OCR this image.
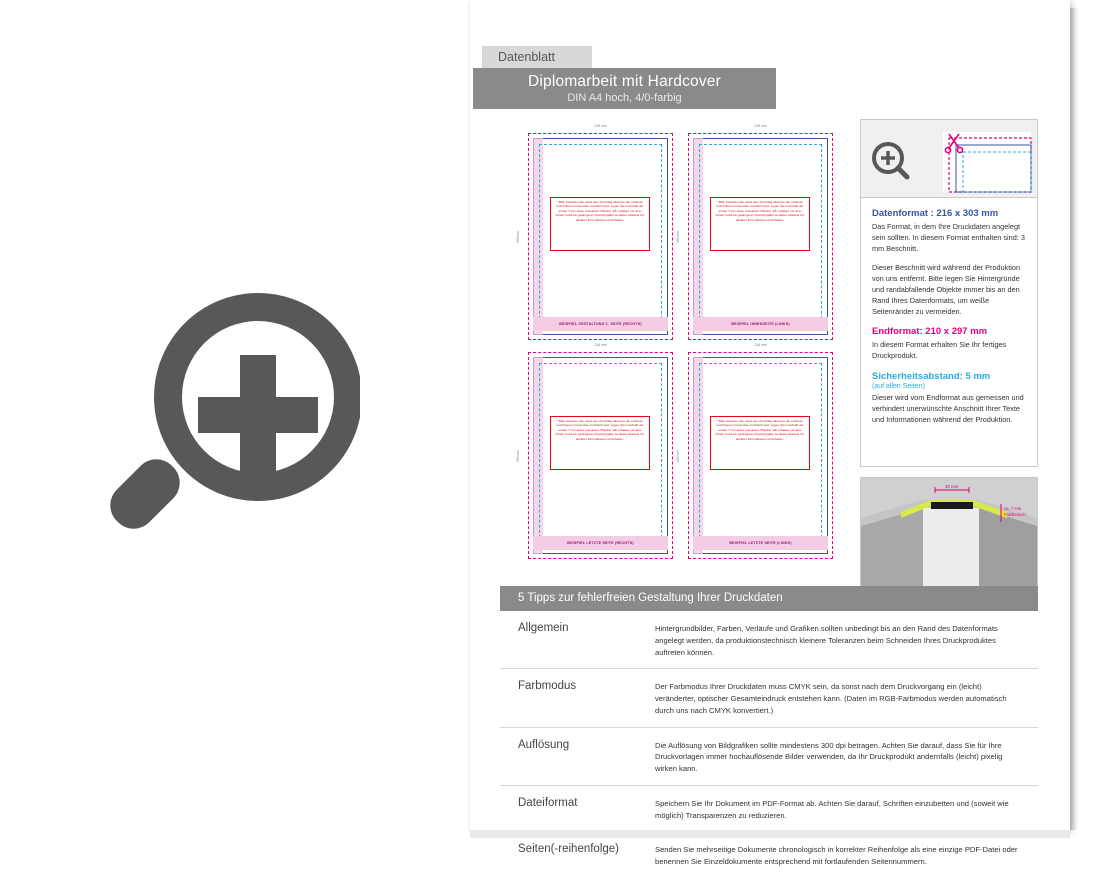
Datenblatt
Diplomarbeit mit Hardcover
DIN A4 hoch, 4/0-farbig
216 mm
303 mm

* Bitte beachten Sie, dass der Umschlag direkt an der vorderen und hinteren Innenseite mehrfach sind. Legen Sie innerhalb der ersten 7 mm keine relevanten Objekte. Wir erhalten vor dem Druck. Fehlt ein gefangener Druckvorgabe ist dieser Abstand zur direkten Informationen einzuhalten.

BEISPIEL GESTALTUNG 1. SEITE (RECHTS)
216 mm
303 mm

* Bitte beachten Sie, dass der Umschlag direkt an der vorderen und hinteren Innenseite mehrfach sind. Legen Sie innerhalb der ersten 7 mm keine relevanten Objekte. Wir erhalten vor dem Druck. Fehlt ein gefangener Druckvorgabe ist dieser Abstand zur direkten Informationen einzuhalten.

BEISPIEL INNENSEITE (LINKS)
216 mm
303 mm

* Bitte beachten Sie, dass der Umschlag direkt an der vorderen und hinteren Innenseite mehrfach sind. Legen Sie innerhalb der ersten 7 mm keine relevanten Objekte. Wir erhalten vor dem Druck. Fehlt ein gefangener Druckvorgabe ist dieser Abstand zur direkten Informationen einzuhalten.

BEISPIEL LETZTE SEITE (RECHTS)
216 mm
303 mm

* Bitte beachten Sie, dass der Umschlag direkt an der vorderen und hinteren Innenseite mehrfach sind. Legen Sie innerhalb der ersten 7 mm keine relevanten Objekte. Wir erhalten vor dem Druck. Fehlt ein gefangener Druckvorgabe ist dieser Abstand zur direkten Informationen einzuhalten.

BEISPIEL LETZTE SEITE (LINKS)
Datenformat : 216 x 303 mm

Das Format, in dem Ihre Druckdaten angelegt sein sollten. In diesem Format enthalten sind: 3 mm Beschnitt.

Dieser Beschnitt wird während der Produktion von uns entfernt. Bitte legen Sie Hintergründe und randabfallende Objekte immer bis an den Rand Ihres Datenformats, um weiße Seitenränder zu vermeiden.

Endformat: 210 x 297 mm

In diesem Format erhalten Sie Ihr fertiges Druckprodukt.

Sicherheitsabstand: 5 mm
(auf allen Seiten)

Dieser wird vom Endformat aus gemessen und verhindert unerwünschte Anschnitt Ihrer Texte und Informationen während der Produktion.

30 mm
ca. 7 mm
Falzbereich
5 Tipps zur fehlerfreien Gestaltung Ihrer Druckdaten
Allgemein	Hintergrundbilder, Farben, Verläufe und Grafiken sollten unbedingt bis an den Rand des Datenformats angelegt werden, da produktionstechnisch kleinere Toleranzen beim Schneiden Ihres Druckproduktes auftreten können.
Farbmodus	Der Farbmodus Ihrer Druckdaten muss CMYK sein, da sonst nach dem Druckvorgang ein (leicht) veränderter, optischer Gesamteindruck entstehen kann. (Daten im RGB-Farbmodus werden automatisch durch uns nach CMYK konvertiert.)
Auflösung	Die Auflösung von Bildgrafiken sollte mindestens 300 dpi betragen. Achten Sie darauf, dass Sie für Ihre Druckvorlagen immer hochauflösende Bilder verwenden, da Ihr Druckprodukt andernfalls (leicht) pixelig wirken kann.
Dateiformat	Speichern Sie Ihr Dokument im PDF-Format ab. Achten Sie darauf, Schriften einzubetten und (soweit wie möglich) Transparenzen zu reduzieren.
Seiten(-reihenfolge)	Senden Sie mehrseitige Dokumente chronologisch in korrekter Reihenfolge als eine einzige PDF-Datei oder benennen Sie Einzeldokumente entsprechend mit fortlaufenden Seitennummern.
